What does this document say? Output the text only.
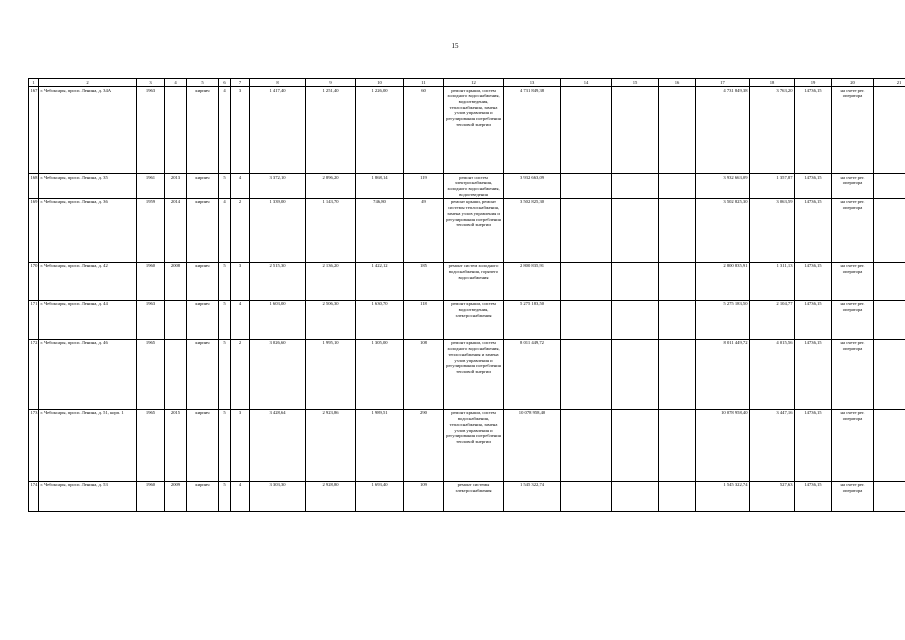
15
1	2	3	4	5	6	7	8	9	10	11	12	13	14	15	16	17	18	19	20	21
167	г. Чебоксары, просп. Ленина, д. 34А	1963		кирпич	4	3	1 417,40	1 251,40	1 226,00	60	ремонт крыши, систем холодного водоснабжения, водоотведения, теплоснабжения, замена узлов управления и регулирования потребления тепловой энергии	4 731 849,38				4 731 849,38	3 763,20	14736,15	на счете рег. оператора	
168	г. Чебоксары, просп. Ленина, д. 35	1961	2013	кирпич	5	4	3 372,10	2 896,20	1 868,14	119	ремонт систем электроснабжения, холодного водоснабжения, водоотведения	3 932 663,09				3 932 663,09	1 357,87	14736,15	на счете рег. оператора	
169	г. Чебоксары, просп. Ленина, д. 36	1959	2014	кирпич	4	2	1 339,00	1 143,70	746,80	49	ремонт крыши, ремонт системы теплоснабжения, замена узлов управления и регулирования потребления тепловой энергии	3 502 825,30				3 502 825,30	3 063,59	14736,15	на счете рег. оператора	
170	г. Чебоксары, просп. Ленина, д. 42	1960	2008	кирпич	5	3	2 515,30	2 136,20	1 422,12	185	ремонт систем холодного водоснабжения, горячего водоснабжения	2 800 835,91				2 800 835,91	1 311,13	14736,15	на счете рег. оператора	
171	г. Чебоксары, просп. Ленина, д. 44	1963		кирпич	5	4	1 603,00	2 506,30	1 630,70	118	ремонт крыши, систем водоотведения, электроснабжения	5 275 183,50				5 275 183,50	2 104,77	14736,15	на счете рег. оператора	
172	г. Чебоксары, просп. Ленина, д. 46	1965		кирпич	5	2	3 026,60	1 995,10	1 305,00	108	ремонт крыши, систем холодного водоснабжения, теплоснабжения и замена узлов управления и регулирования потребления тепловой энергии	8 011 449,72				8 011 449,72	4 015,56	14736,15	на счете рег. оператора	
173	г. Чебоксары, просп. Ленина, д. 51, корп. 1	1965	2015	кирпич	5	3	3 428,64	2 923,86	1 989,51	290	ремонт крыши, систем водоснабжения, теплоснабжения, замена узлов управления и регулирования потребления тепловой энергии	10 078 958,40				10 078 958,40	3 447,16	14736,15	на счете рег. оператора	
174	г. Чебоксары, просп. Ленина, д. 53	1960	2009	кирпич	5	4	3 303,30	2 928,80	1 693,40	109	ремонт системы электроснабжения	1 545 322,74				1 545 322,74	527,63	14736,15	на счете рег. оператора	
